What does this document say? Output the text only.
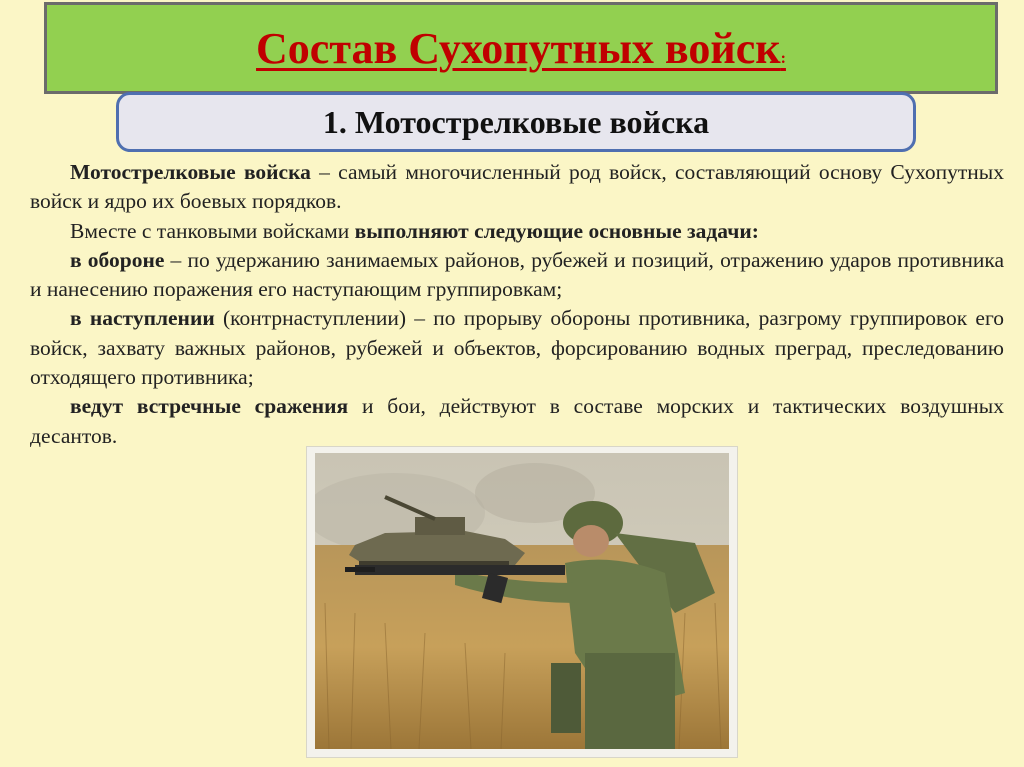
Состав Сухопутных войск:
1. Мотострелковые войска

Мотострелковые войска – самый многочисленный род войск, составляющий основу Сухопутных войск и ядро их боевых порядков.

Вместе с танковыми войсками выполняют следующие основные задачи:

в обороне – по удержанию занимаемых районов, рубежей и позиций, отражению ударов противника и нанесению поражения его наступающим группировкам;

в наступлении (контрнаступлении) – по прорыву обороны противника, разгрому группировок его войск, захвату важных районов, рубежей и объектов, форсированию водных преград, преследованию отходящего противника;

ведут встречные сражения и бои, действуют в составе морских и тактических воздушных десантов.
